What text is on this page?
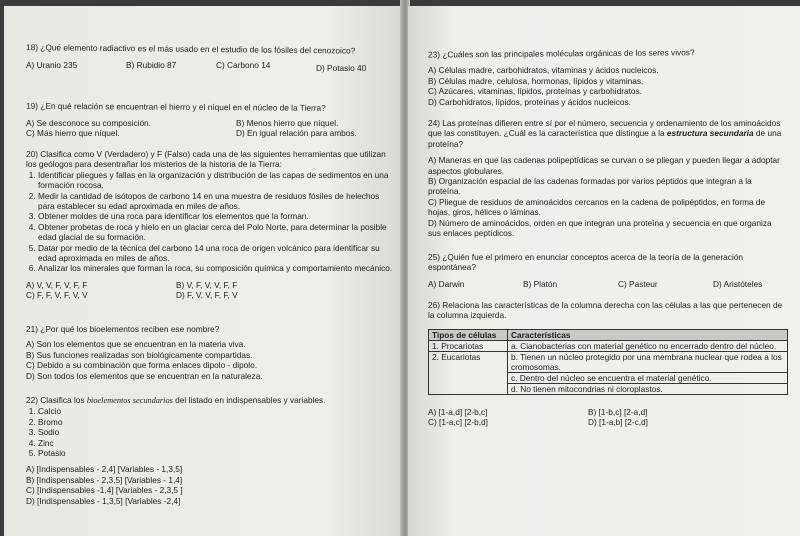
18) ¿Qué elemento radiactivo es el más usado en el estudio de los fósiles del cenozoico?

A) Uranio 235	B) Rubidio 87	C) Carbono 14	D) Potasio 40

19) ¿En qué relación se encuentran el hierro y el níquel en el núcleo de la Tierra?

A) Se desconoce su composición.	B) Menos hierro que níquel.
C) Más hierro que níquel.	D) En igual relación para ambos.

20) Clasifica como V (Verdadero) y F (Falso) cada una de las siguientes herramientas que utilizan los geólogos para desentrañar los misterios de la historia de la Tierra:

1. Identificar pliegues y fallas en la organización y distribución de las capas de sedimentos en una formación rocosa.
2. Medir la cantidad de isótopos de carbono 14 en una muestra de residuos fósiles de helechos para establecer su edad aproximada en miles de años.
3. Obtener moldes de una roca para identificar los elementos que la forman.
4. Obtener probetas de roca y hielo en un glaciar cerca del Polo Norte, para determinar la posible edad glacial de su formación.
5. Datar por medio de la técnica del carbono 14 una roca de origen volcánico para identificar su edad aproximada en miles de años.
6. Analizar los minerales que forman la roca, su composición química y comportamiento mecánico.
A) V, V, F, V, F, F	B) V, F, V, V, F, F
C) F, F, V, F, V, V	D) F, V, V, F, F, V

21) ¿Por qué los bioelementos reciben ese nombre?

A) Son los elementos que se encuentran en la materia viva.

B) Sus funciones realizadas son biológicamente compartidas.

C) Debido a su combinación que forma enlaces dipolo - dipolo.

D) Son todos los elementos que se encuentran en la naturaleza.

22) Clasifica los bioelementos secundarios del listado en indispensables y variables.

1. Calcio
2. Bromo
3. Sodio
4. Zinc
5. Potasio

A) [Indispensables - 2,4] [Variables - 1,3,5]

B) [Indispensables - 2,3,5] [Variables - 1,4]

C) [Indispensables -1,4] [Variables - 2,3,5 ]

D) [Indispensables - 1,3,5] [Variables -2,4]

23) ¿Cuáles son las principales moléculas orgánicas de los seres vivos?

A) Células madre, carbohidratos, vitaminas y ácidos nucleicos.

B) Células madre, celulosa, hormonas, lípidos y vitaminas.

C) Azúcares, vitaminas, lípidos, proteínas y carbohidratos.

D) Carbohidratos, lípidos, proteínas y ácidos nucleicos.

24) Las proteínas difieren entre sí por el número, secuencia y ordenamiento de los aminoácidos que las constituyen. ¿Cuál es la característica que distingue a la estructura secundaria de una proteína?

A) Maneras en que las cadenas polipeptídicas se curvan o se pliegan y pueden llegar a adoptar aspectos globulares.

B) Organización espacial de las cadenas formadas por varios péptidos que integran a la proteína.

C) Pliegue de residuos de aminoácidos cercanos en la cadena de polipéptidos, en forma de hojas, giros, hélices o láminas.

D) Número de aminoácidos, orden en que integran una proteína y secuencia en que organiza sus enlaces peptídicos.

25) ¿Quién fue el primero en enunciar conceptos acerca de la teoría de la generación espontánea?

A) Darwin	B) Platón	C) Pasteur	D) Aristóteles

26) Relaciona las características de la columna derecha con las células a las que pertenecen de la columna izquierda.

Tipos de células	Características
1. Procariotas	a. Cianobacterias con material genético no encerrado dentro del núcleo.
2. Eucariotas	b. Tienen un núcleo protegido por una membrana nuclear que rodea a los cromosomas.
	c. Dentro del núcleo se encuentra el material genético.
	d. No tienen mitocondrias ni cloroplastos.
A) [1-a,d] [2-b,c]	B) [1-b,c] [2-a,d]
C) [1-a,c] [2-b,d]	D) [1-a,b] [2-c,d]
